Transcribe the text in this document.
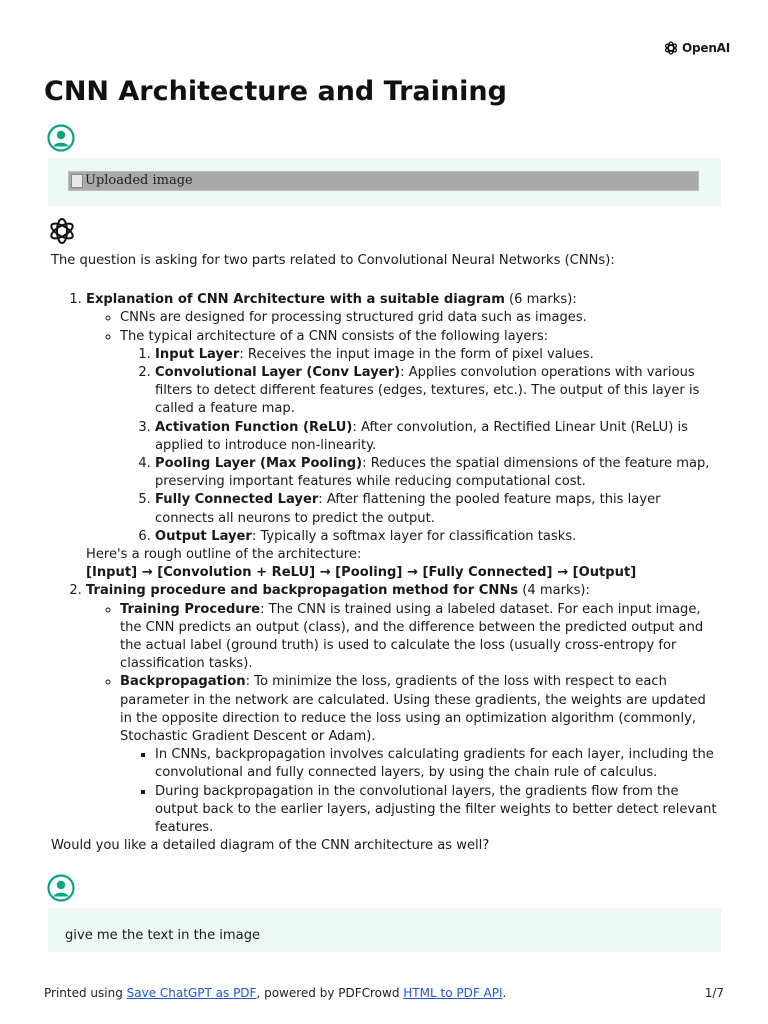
OpenAI
CNN Architecture and Training
Uploaded image

The question is asking for two parts related to Convolutional Neural Networks (CNNs):

1. Explanation of CNN Architecture with a suitable diagram (6 marks):
◦ CNNs are designed for processing structured grid data such as images.
◦ The typical architecture of a CNN consists of the following layers:
1. Input Layer: Receives the input image in the form of pixel values.
2. Convolutional Layer (Conv Layer): Applies convolution operations with various filters to detect different features (edges, textures, etc.). The output of this layer is called a feature map.
3. Activation Function (ReLU): After convolution, a Rectified Linear Unit (ReLU) is applied to introduce non-linearity.
4. Pooling Layer (Max Pooling): Reduces the spatial dimensions of the feature map, preserving important features while reducing computational cost.
5. Fully Connected Layer: After flattening the pooled feature maps, this layer connects all neurons to predict the output.
6. Output Layer: Typically a softmax layer for classification tasks.

Here's a rough outline of the architecture:

[Input] → [Convolution + ReLU] → [Pooling] → [Fully Connected] → [Output]

2. Training procedure and backpropagation method for CNNs (4 marks):
◦ Training Procedure: The CNN is trained using a labeled dataset. For each input image, the CNN predicts an output (class), and the difference between the predicted output and the actual label (ground truth) is used to calculate the loss (usually cross-entropy for classification tasks).
◦ Backpropagation: To minimize the loss, gradients of the loss with respect to each parameter in the network are calculated. Using these gradients, the weights are updated in the opposite direction to reduce the loss using an optimization algorithm (commonly, Stochastic Gradient Descent or Adam).
▪ In CNNs, backpropagation involves calculating gradients for each layer, including the convolutional and fully connected layers, by using the chain rule of calculus.
▪ During backpropagation in the convolutional layers, the gradients flow from the output back to the earlier layers, adjusting the filter weights to better detect relevant features.

Would you like a detailed diagram of the CNN architecture as well?

give me the text in the image
Printed using Save ChatGPT as PDF, powered by PDFCrowd HTML to PDF API.	1/7
